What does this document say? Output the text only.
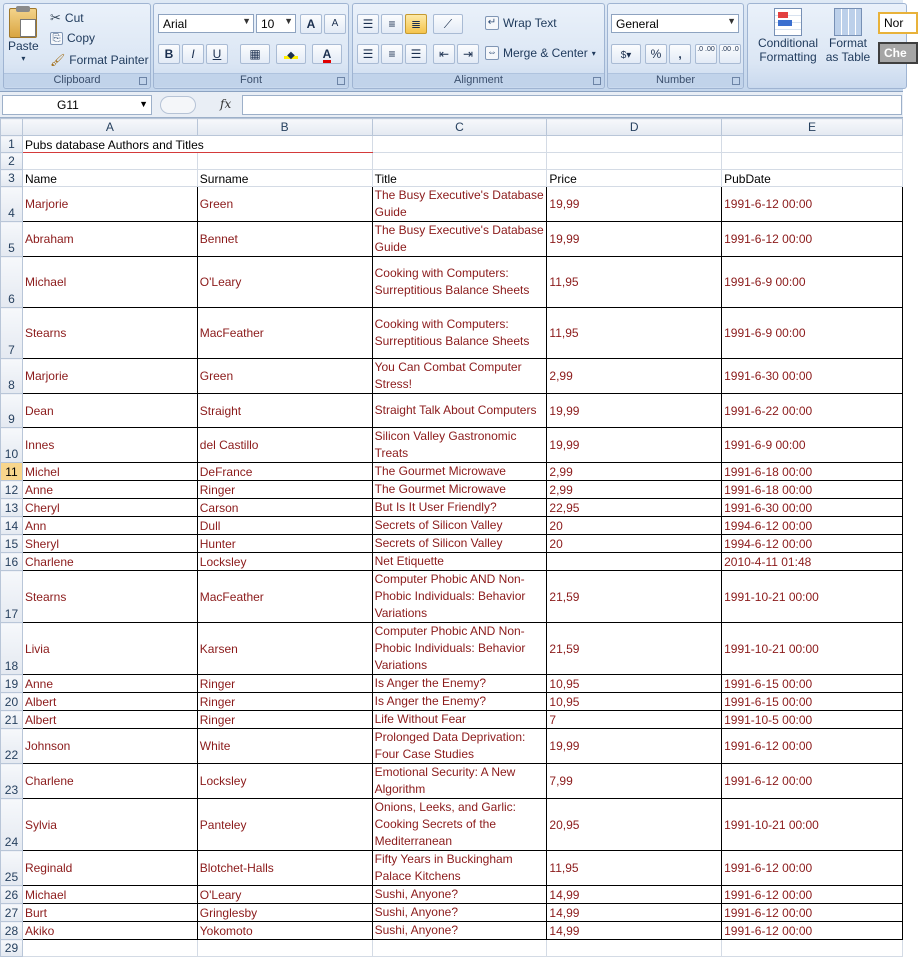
Paste
▾
✂ Cut
⎘ Copy
🖌 Format Painter
Clipboard
Arial	▼ 10 ▼	A	A
B	I	U	▦	◆	A
Font
☰	≡	≣	⟋	↵ Wrap Text
☰	≡	☰	⇤	⇥	⇔ Merge & Center ▾
Alignment
General	▼
$▾	%	,	.0 .00 .00 .0
Number
Conditional
Formatting
Format
as Table
Nor
Che
G11	▼	fx
	A	B	C	D	E
1	Pubs database Authors and Titles				
2					
3	Name	Surname	Title	Price	PubDate
4	Marjorie	Green	The Busy Executive's Database Guide	19,99	1991-6-12 00:00
5	Abraham	Bennet	The Busy Executive's Database Guide	19,99	1991-6-12 00:00
6	Michael	O'Leary	Cooking with Computers: Surreptitious Balance Sheets	11,95	1991-6-9 00:00
7	Stearns	MacFeather	Cooking with Computers: Surreptitious Balance Sheets	11,95	1991-6-9 00:00
8	Marjorie	Green	You Can Combat Computer Stress!	2,99	1991-6-30 00:00
9	Dean	Straight	Straight Talk About Computers	19,99	1991-6-22 00:00
10	Innes	del Castillo	Silicon Valley Gastronomic Treats	19,99	1991-6-9 00:00
11	Michel	DeFrance	The Gourmet Microwave	2,99	1991-6-18 00:00
12	Anne	Ringer	The Gourmet Microwave	2,99	1991-6-18 00:00
13	Cheryl	Carson	But Is It User Friendly?	22,95	1991-6-30 00:00
14	Ann	Dull	Secrets of Silicon Valley	20	1994-6-12 00:00
15	Sheryl	Hunter	Secrets of Silicon Valley	20	1994-6-12 00:00
16	Charlene	Locksley	Net Etiquette		2010-4-11 01:48
17	Stearns	MacFeather	Computer Phobic AND Non-Phobic Individuals: Behavior Variations	21,59	1991-10-21 00:00
18	Livia	Karsen	Computer Phobic AND Non-Phobic Individuals: Behavior Variations	21,59	1991-10-21 00:00
19	Anne	Ringer	Is Anger the Enemy?	10,95	1991-6-15 00:00
20	Albert	Ringer	Is Anger the Enemy?	10,95	1991-6-15 00:00
21	Albert	Ringer	Life Without Fear	7	1991-10-5 00:00
22	Johnson	White	Prolonged Data Deprivation: Four Case Studies	19,99	1991-6-12 00:00
23	Charlene	Locksley	Emotional Security: A New Algorithm	7,99	1991-6-12 00:00
24	Sylvia	Panteley	Onions, Leeks, and Garlic: Cooking Secrets of the Mediterranean	20,95	1991-10-21 00:00
25	Reginald	Blotchet-Halls	Fifty Years in Buckingham Palace Kitchens	11,95	1991-6-12 00:00
26	Michael	O'Leary	Sushi, Anyone?	14,99	1991-6-12 00:00
27	Burt	Gringlesby	Sushi, Anyone?	14,99	1991-6-12 00:00
28	Akiko	Yokomoto	Sushi, Anyone?	14,99	1991-6-12 00:00
29					
